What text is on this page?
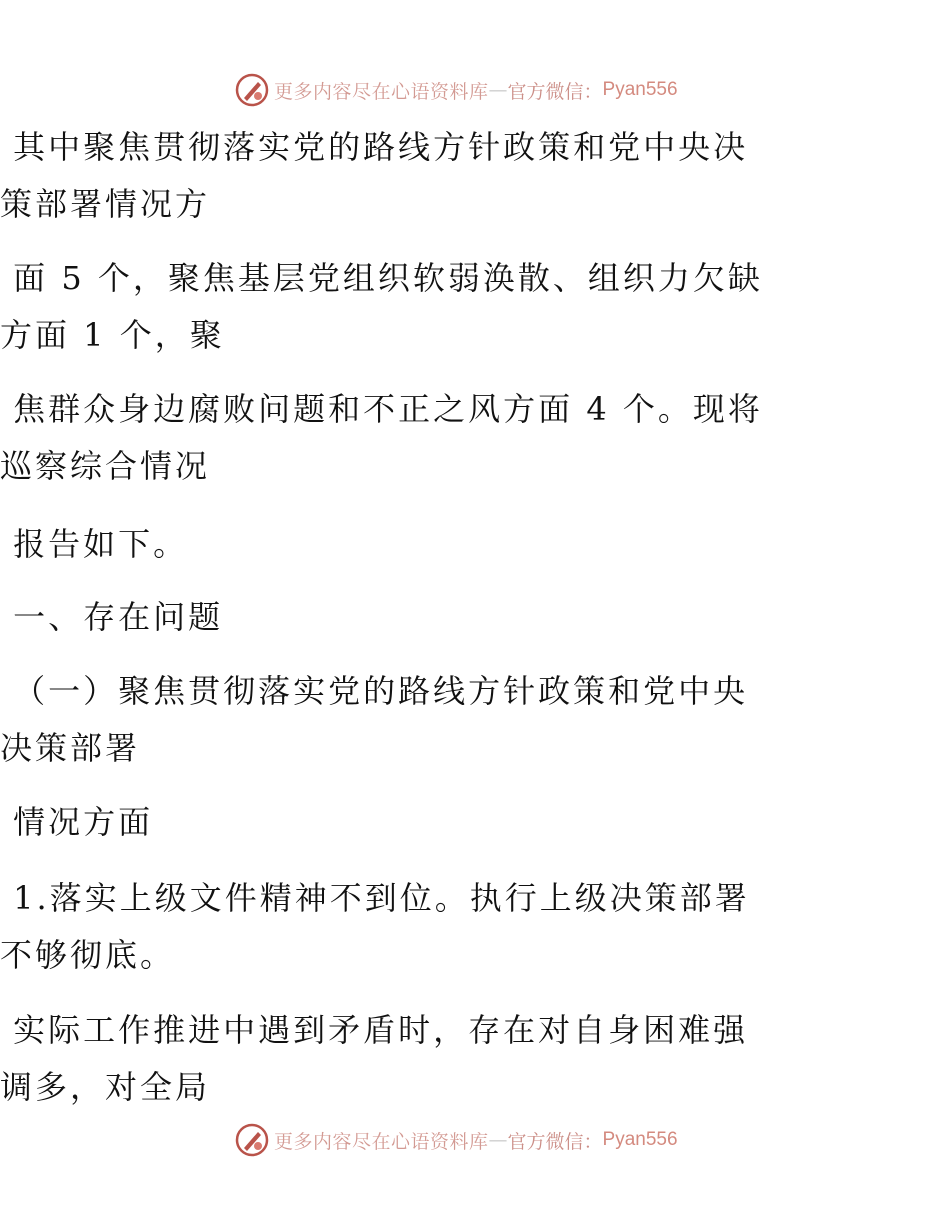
更多内容尽在心语资料库 — 官方微信： Pyan556
其中聚焦贯彻落实党的路线方针政策和党中央决
策部署情况方
面 5 个，聚焦基层党组织软弱涣散、组织力欠缺
方面 1 个，聚
焦群众身边腐败问题和不正之风方面 4 个。现将
巡察综合情况
报告如下。
一、存在问题
（一）聚焦贯彻落实党的路线方针政策和党中央
决策部署
情况方面
1.落实上级文件精神不到位。执行上级决策部署
不够彻底。
实际工作推进中遇到矛盾时，存在对自身困难强
调多，对全局
更多内容尽在心语资料库 — 官方微信： Pyan556
